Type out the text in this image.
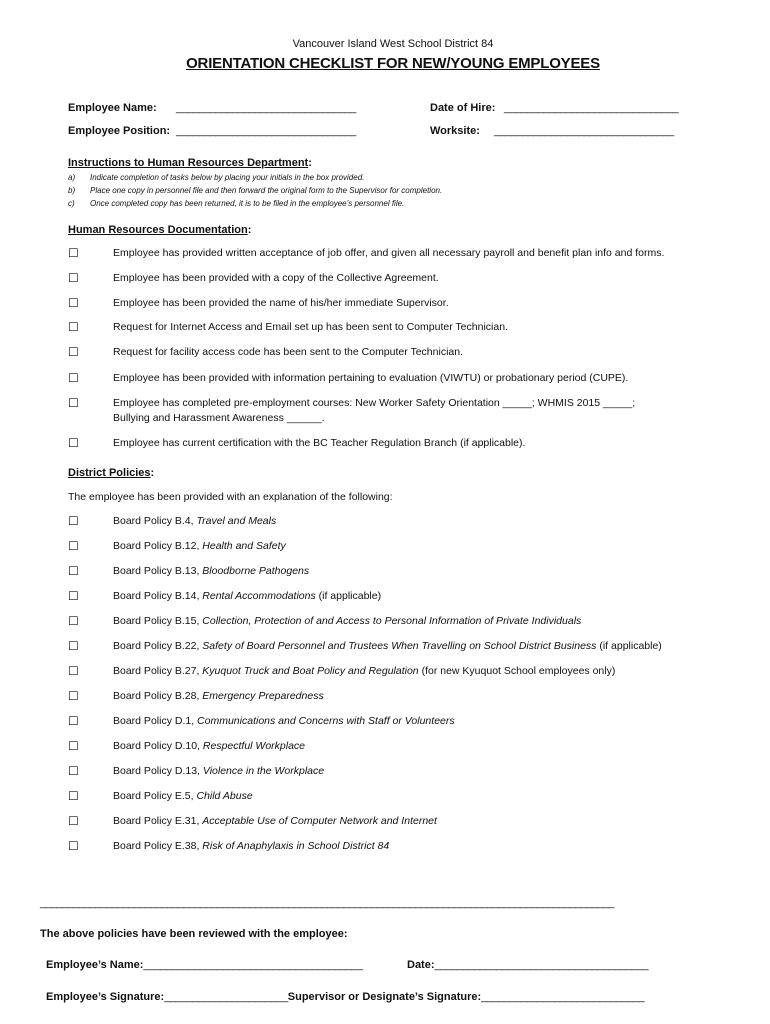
Vancouver Island West School District 84
ORIENTATION CHECKLIST FOR NEW/YOUNG EMPLOYEES
Employee Name: ________________________________	Date of Hire: _______________________________
Employee Position: ________________________________	Worksite: ________________________________
Instructions to Human Resources Department:
a) Indicate completion of tasks below by placing your initials in the box provided.
b) Place one copy in personnel file and then forward the original form to the Supervisor for completion.
c) Once completed copy has been returned, it is to be filed in the employee’s personnel file.
Human Resources Documentation:
☐	Employee has provided written acceptance of job offer, and given all necessary payroll and benefit plan info and forms.
☐	Employee has been provided with a copy of the Collective Agreement.
☐	Employee has been provided the name of his/her immediate Supervisor.
☐	Request for Internet Access and Email set up has been sent to Computer Technician.
☐	Request for facility access code has been sent to the Computer Technician.
☐	Employee has been provided with information pertaining to evaluation (VIWTU) or probationary period (CUPE).
☐	Employee has completed pre-employment courses: New Worker Safety Orientation _____; WHMIS 2015 _____;
Bullying and Harassment Awareness ______.
☐	Employee has current certification with the BC Teacher Regulation Branch (if applicable).
District Policies:
The employee has been provided with an explanation of the following:
☐	Board Policy B.4, Travel and Meals
☐	Board Policy B.12, Health and Safety
☐	Board Policy B.13, Bloodborne Pathogens
☐	Board Policy B.14, Rental Accommodations (if applicable)
☐	Board Policy B.15, Collection, Protection of and Access to Personal Information of Private Individuals
☐	Board Policy B.22, Safety of Board Personnel and Trustees When Travelling on School District Business (if applicable)
☐	Board Policy B.27, Kyuquot Truck and Boat Policy and Regulation (for new Kyuquot School employees only)
☐	Board Policy B.28, Emergency Preparedness
☐	Board Policy D.1, Communications and Concerns with Staff or Volunteers
☐	Board Policy D.10, Respectful Workplace
☐	Board Policy D.13, Violence in the Workplace
☐	Board Policy E.5, Child Abuse
☐	Board Policy E.31, Acceptable Use of Computer Network and Internet
☐	Board Policy E.38, Risk of Anaphylaxis in School District 84
________________________________________________________________________________________________________
The above policies have been reviewed with the employee:
Employee’s Name:_______________________________________	Date:______________________________________
Employee’s Signature:______________________Supervisor or Designate’s Signature:_____________________________
